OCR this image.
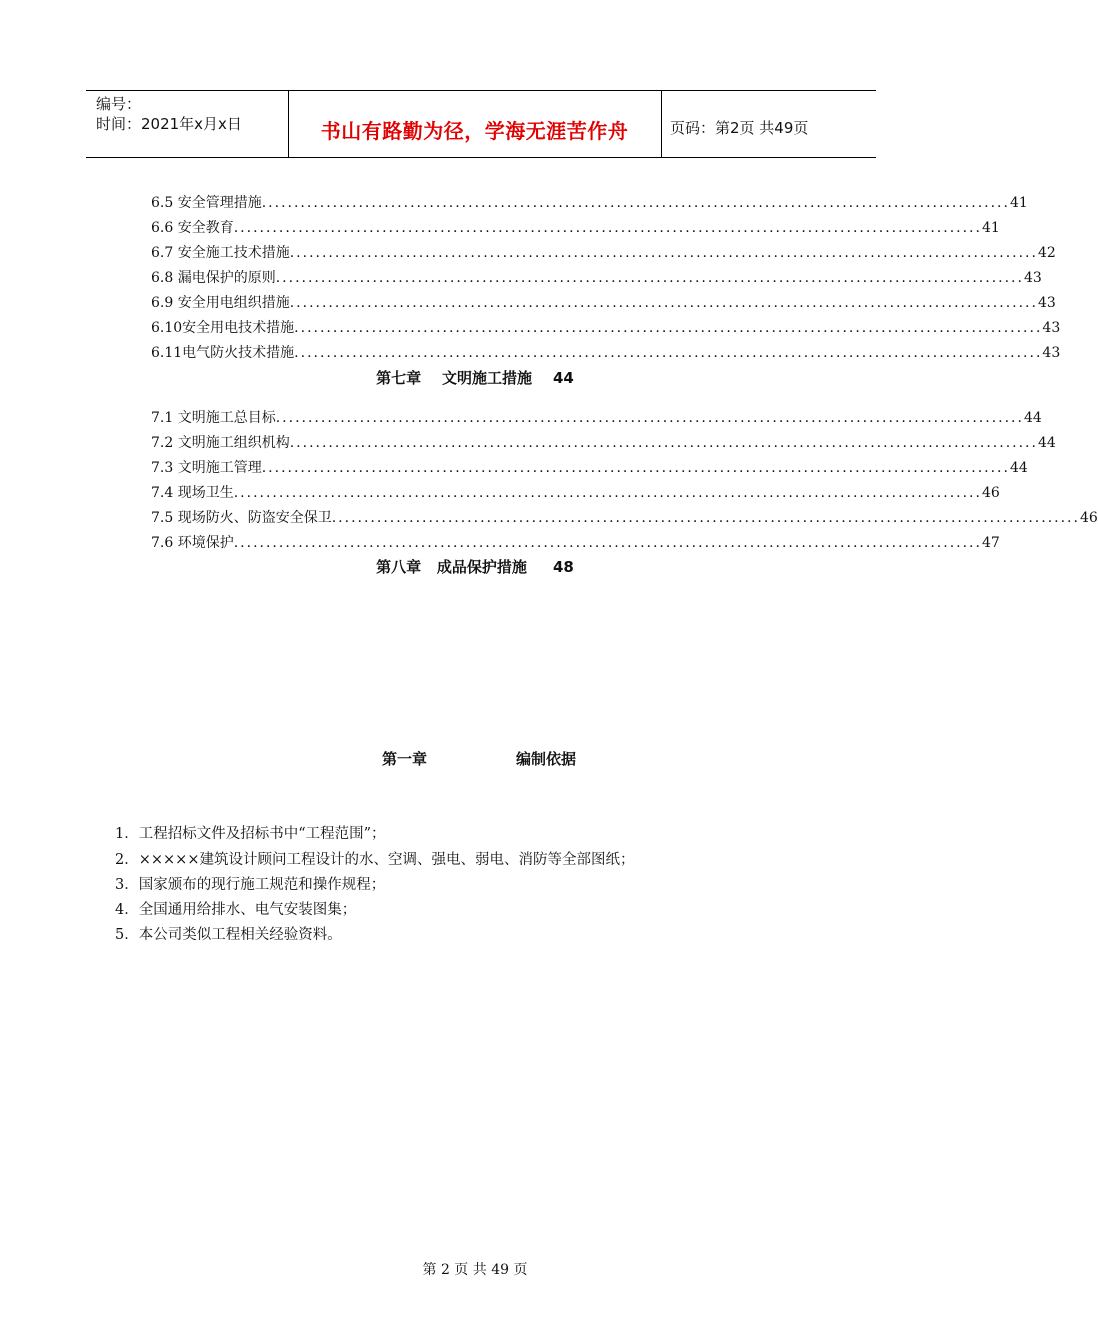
编号：
时间：2021年x月x日	书山有路勤为径，学海无涯苦作舟	页码：第2页 共49页
6.5 安全管理措施 .................................................................................................................... 41
6.6 安全教育 .................................................................................................................... 41
6.7 安全施工技术措施 .................................................................................................................... 42
6.8 漏电保护的原则 .................................................................................................................... 43
6.9 安全用电组织措施 .................................................................................................................... 43
6.10 安全用电技术措施 .................................................................................................................... 43
6.11 电气防火技术措施 .................................................................................................................... 43
第七章    文明施工措施    44
7.1 文明施工总目标 .................................................................................................................... 44
7.2 文明施工组织机构 .................................................................................................................... 44
7.3 文明施工管理 .................................................................................................................... 44
7.4 现场卫生 .................................................................................................................... 46
7.5 现场防火、防盗安全保卫 .................................................................................................................... 46
7.6 环境保护 .................................................................................................................... 47
第八章   成品保护措施     48
第一章	编制依据
1．工程招标文件及招标书中“工程范围”；
2．×××××建筑设计顾问工程设计的水、空调、强电、弱电、消防等全部图纸；
3．国家颁布的现行施工规范和操作规程；
4．全国通用给排水、电气安装图集；
5．本公司类似工程相关经验资料。
第 2 页 共 49 页
